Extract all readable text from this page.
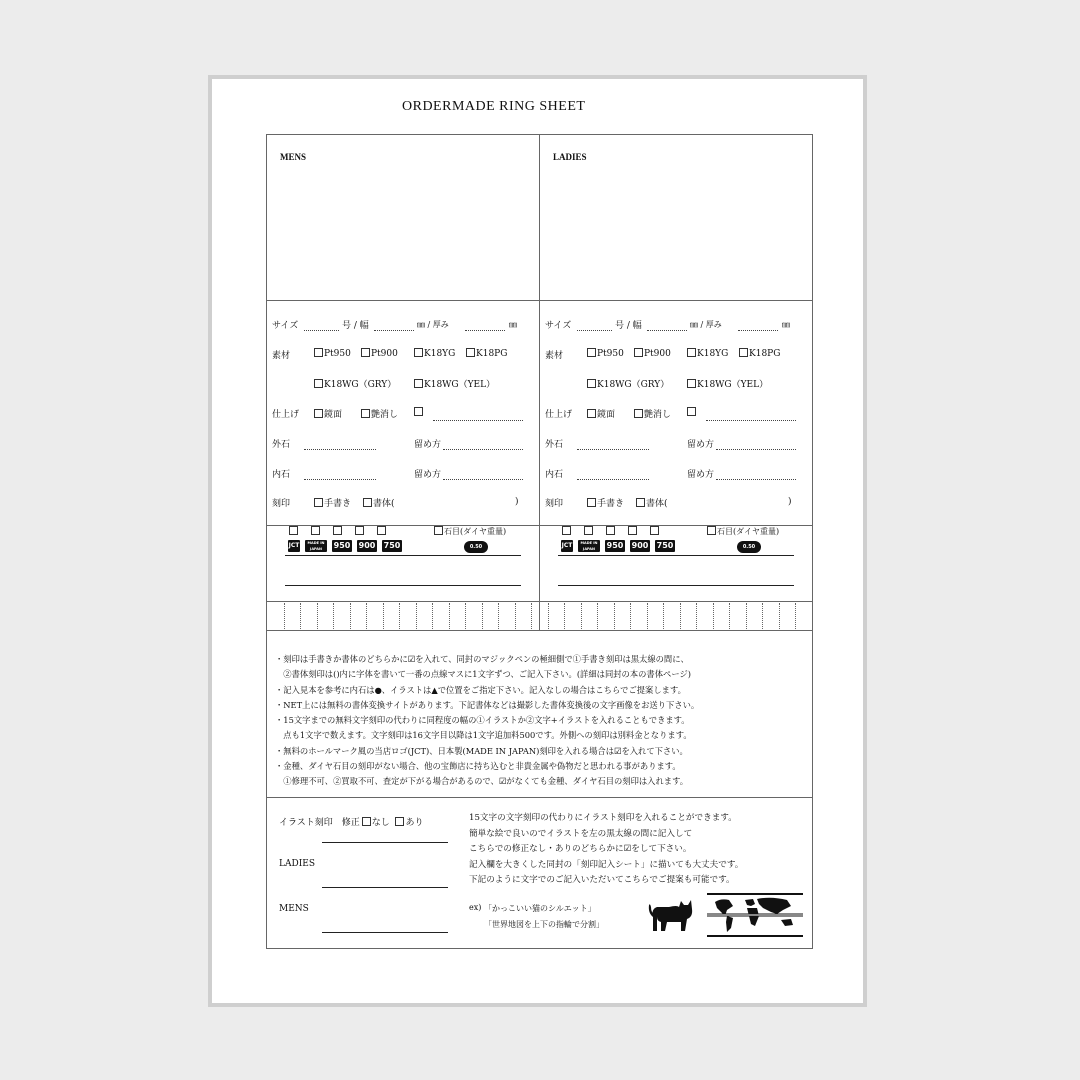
ORDERMADE RING SHEET
MENS
サイズ	号 / 幅	㎜ / 厚み	㎜
素材	Pt950	Pt900	K18YG	K18PG
K18WG（GRY）	K18WG（YEL）
仕上げ	鏡面	艶消し
外石	留め方
内石	留め方
刻印	手書き	書体(	)
石目(ダイヤ重量)
JCT	MADE IN JAPAN	950 900 750	0.50
LADIES
サイズ	号 / 幅	㎜ / 厚み	㎜
素材	Pt950	Pt900	K18YG	K18PG
K18WG（GRY）	K18WG（YEL）
仕上げ	鏡面	艶消し
外石	留め方
内石	留め方
刻印	手書き	書体(	)
石目(ダイヤ重量)
JCT	MADE IN JAPAN	950 900 750	0.50
・刻印は手書きか書体のどちらかに☑を入れて、同封のマジックペンの極細側で①手書き刻印は黒太線の間に、
　②書体刻印は()内に字体を書いて一番の点線マスに1文字ずつ、ご記入下さい。(詳細は同封の本の書体ページ)
・記入見本を参考に内石は●、イラストは▲で位置をご指定下さい。記入なしの場合はこちらでご提案します。
・NET上には無料の書体変換サイトがあります。下記書体などは撮影した書体変換後の文字画像をお送り下さい。
・15文字までの無料文字刻印の代わりに同程度の幅の①イラストか②文字+イラストを入れることもできます。
　点も1文字で数えます。文字刻印は16文字目以降は1文字追加料500です。外側への刻印は別料金となります。
・無料のホールマーク風の当店ロゴ(JCT)、日本製(MADE IN JAPAN)刻印を入れる場合は☑を入れて下さい。
・金種、ダイヤ石目の刻印がない場合、他の宝飾店に持ち込むと非貴金属や偽物だと思われる事があります。
　①修理不可、②買取不可、査定が下がる場合があるので、☑がなくても金種、ダイヤ石目の刻印は入れます。
イラスト刻印　修正 なし あり
LADIES
MENS
15文字の文字刻印の代わりにイラスト刻印を入れることができます。
簡単な絵で良いのでイラストを左の黒太線の間に記入して
こちらでの修正なし・ありのどちらかに☑をして下さい。
記入欄を大きくした同封の「刻印記入シート」に描いても大丈夫です。
下記のように文字でのご記入いただいてこちらでご提案も可能です。
ex) 「かっこいい猫のシルエット」
「世界地図を上下の指輪で分割」
